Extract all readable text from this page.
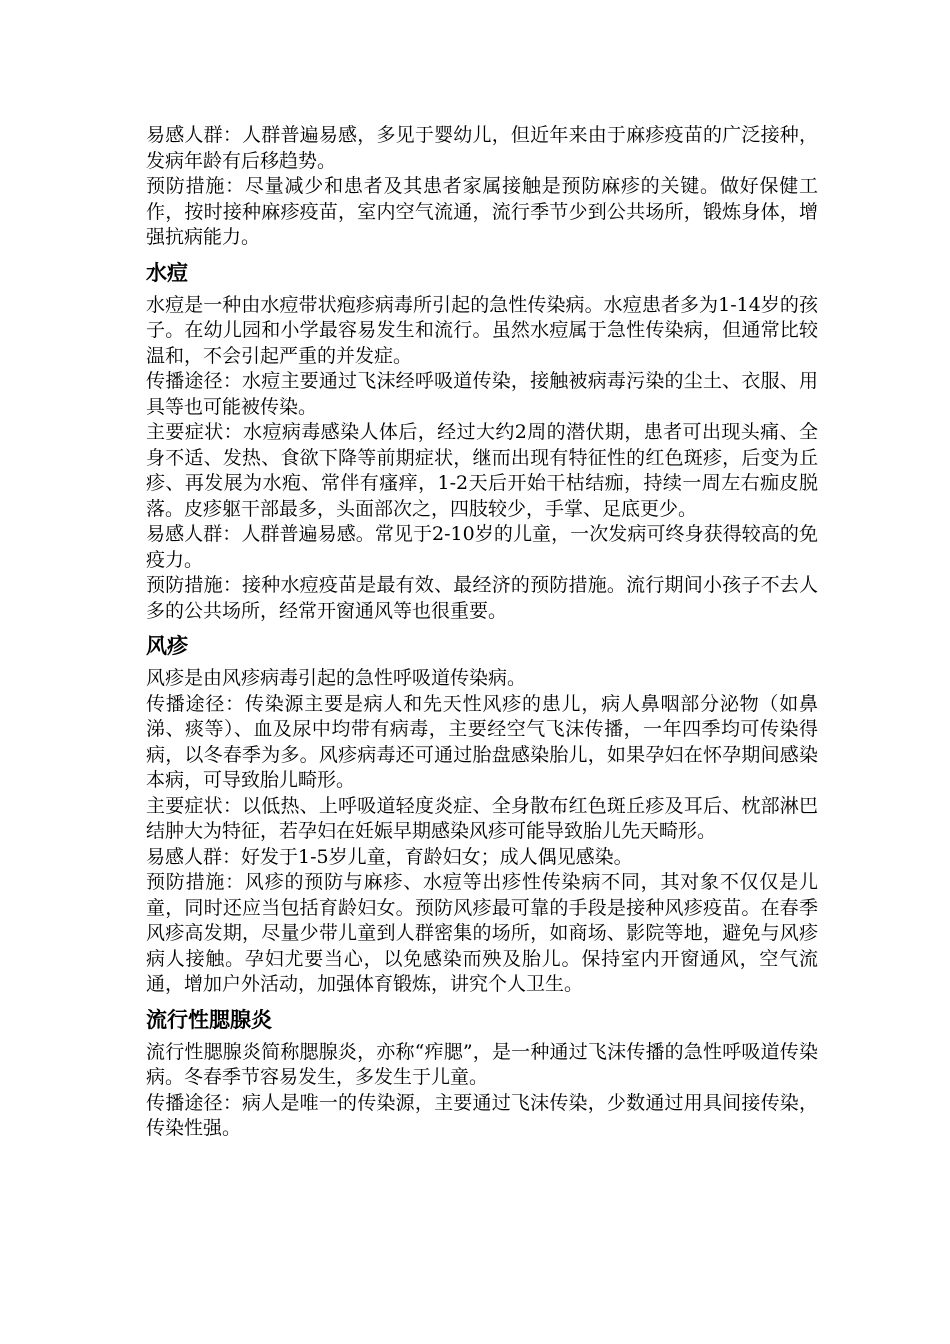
易感人群：人群普遍易感，多见于婴幼儿，但近年来由于麻疹疫苗的广泛接种，发病年龄有后移趋势。

预防措施：尽量减少和患者及其患者家属接触是预防麻疹的关键。做好保健工作，按时接种麻疹疫苗，室内空气流通，流行季节少到公共场所，锻炼身体，增强抗病能力。

水痘

水痘是一种由水痘带状疱疹病毒所引起的急性传染病。水痘患者多为1-14岁的孩子。在幼儿园和小学最容易发生和流行。虽然水痘属于急性传染病，但通常比较温和，不会引起严重的并发症。

传播途径：水痘主要通过飞沫经呼吸道传染，接触被病毒污染的尘土、衣服、用具等也可能被传染。

主要症状：水痘病毒感染人体后，经过大约2周的潜伏期，患者可出现头痛、全身不适、发热、食欲下降等前期症状，继而出现有特征性的红色斑疹，后变为丘疹、再发展为水疱、常伴有瘙痒，1-2天后开始干枯结痂，持续一周左右痂皮脱落。皮疹躯干部最多，头面部次之，四肢较少，手掌、足底更少。

易感人群：人群普遍易感。常见于2-10岁的儿童，一次发病可终身获得较高的免疫力。

预防措施：接种水痘疫苗是最有效、最经济的预防措施。流行期间小孩子不去人多的公共场所，经常开窗通风等也很重要。

风疹

风疹是由风疹病毒引起的急性呼吸道传染病。

传播途径：传染源主要是病人和先天性风疹的患儿，病人鼻咽部分泌物（如鼻涕、痰等）、血及尿中均带有病毒，主要经空气飞沫传播，一年四季均可传染得病，以冬春季为多。风疹病毒还可通过胎盘感染胎儿，如果孕妇在怀孕期间感染本病，可导致胎儿畸形。

主要症状：以低热、上呼吸道轻度炎症、全身散布红色斑丘疹及耳后、枕部淋巴结肿大为特征，若孕妇在妊娠早期感染风疹可能导致胎儿先天畸形。

易感人群：好发于1-5岁儿童，育龄妇女；成人偶见感染。

预防措施：风疹的预防与麻疹、水痘等出疹性传染病不同，其对象不仅仅是儿童，同时还应当包括育龄妇女。预防风疹最可靠的手段是接种风疹疫苗。在春季风疹高发期，尽量少带儿童到人群密集的场所，如商场、影院等地，避免与风疹病人接触。孕妇尤要当心，以免感染而殃及胎儿。保持室内开窗通风，空气流通，增加户外活动，加强体育锻炼，讲究个人卫生。

流行性腮腺炎

流行性腮腺炎简称腮腺炎，亦称“痄腮”，是一种通过飞沫传播的急性呼吸道传染病。冬春季节容易发生，多发生于儿童。

传播途径：病人是唯一的传染源，主要通过飞沫传染，少数通过用具间接传染，传染性强。
